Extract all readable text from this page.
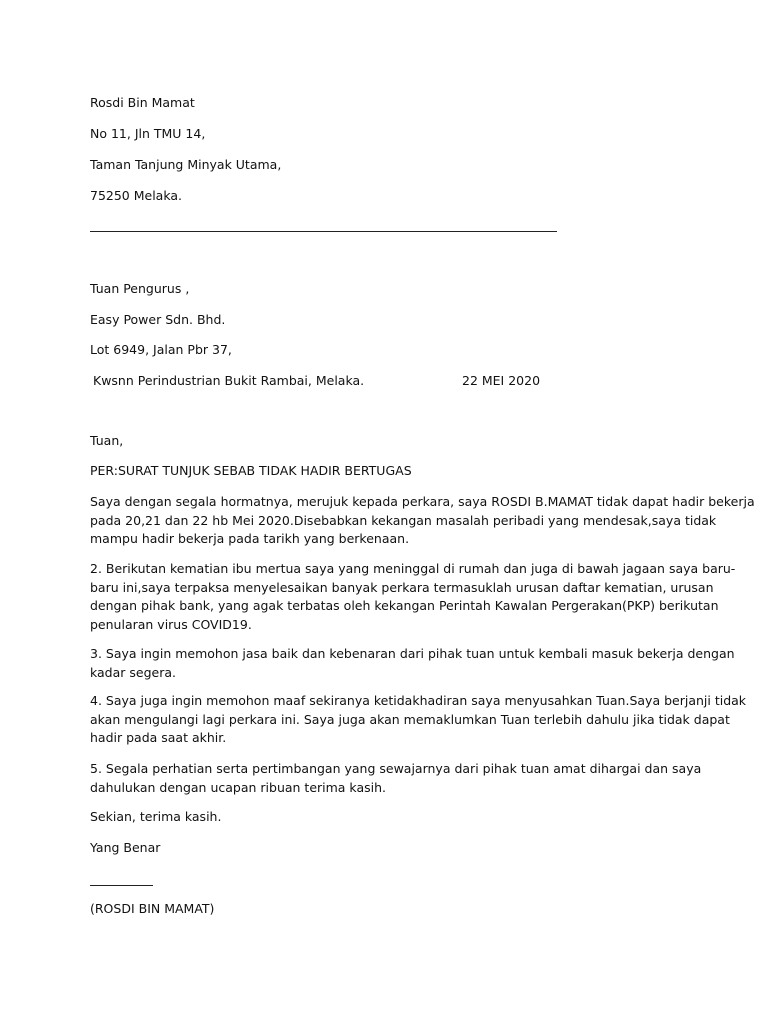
Rosdi Bin Mamat
No 11, Jln TMU 14,
Taman Tanjung Minyak Utama,
75250 Melaka.
Tuan Pengurus ,
Easy Power Sdn. Bhd.
Lot 6949, Jalan Pbr 37,
Kwsnn Perindustrian Bukit Rambai, Melaka.	22 MEI 2020
Tuan,
PER:SURAT TUNJUK SEBAB TIDAK HADIR BERTUGAS
Saya dengan segala hormatnya, merujuk kepada perkara, saya ROSDI B.MAMAT tidak dapat hadir bekerja
pada 20,21 dan 22 hb Mei 2020.Disebabkan kekangan masalah peribadi yang mendesak,saya tidak
mampu hadir bekerja pada tarikh yang berkenaan.
2. Berikutan kematian ibu mertua saya yang meninggal di rumah dan juga di bawah jagaan saya baru-
baru ini,saya terpaksa menyelesaikan banyak perkara termasuklah urusan daftar kematian, urusan
dengan pihak bank, yang agak terbatas oleh kekangan Perintah Kawalan Pergerakan(PKP) berikutan
penularan virus COVID19.
3. Saya ingin memohon jasa baik dan kebenaran dari pihak tuan untuk kembali masuk bekerja dengan
kadar segera.
4. Saya juga ingin memohon maaf sekiranya ketidakhadiran saya menyusahkan Tuan.Saya berjanji tidak
akan mengulangi lagi perkara ini. Saya juga akan memaklumkan Tuan terlebih dahulu jika tidak dapat
hadir pada saat akhir.
5. Segala perhatian serta pertimbangan yang sewajarnya dari pihak tuan amat dihargai dan saya
dahulukan dengan ucapan ribuan terima kasih.
Sekian, terima kasih.
Yang Benar
(ROSDI BIN MAMAT)
